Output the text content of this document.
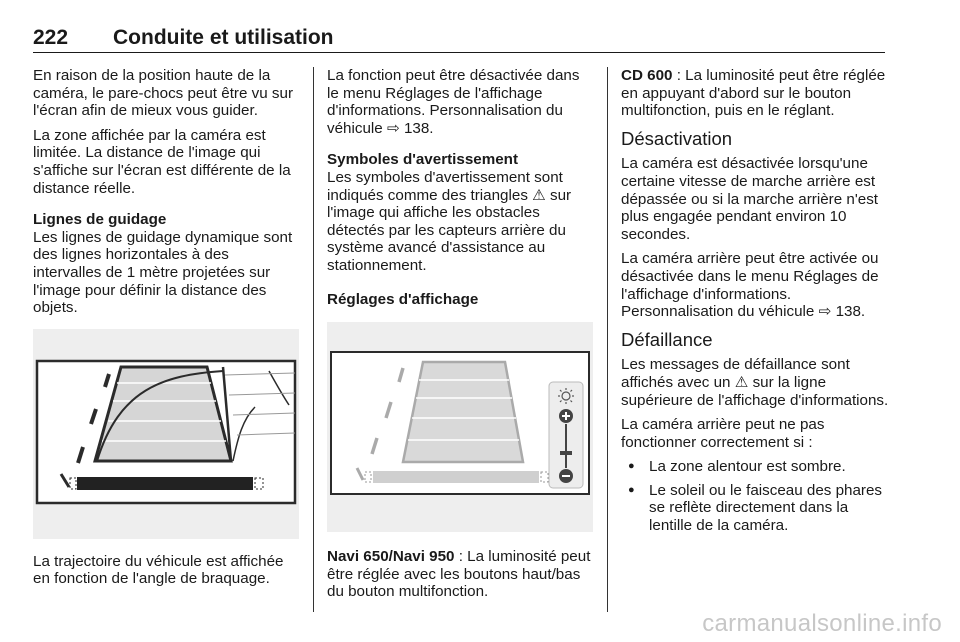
222 Conduite et utilisation

En raison de la position haute de la caméra, le pare-chocs peut être vu sur l'écran afin de mieux vous guider.

La zone affichée par la caméra est limitée. La distance de l'image qui s'affiche sur l'écran est différente de la distance réelle.

Lignes de guidage

Les lignes de guidage dynamique sont des lignes horizontales à des intervalles de 1 mètre projetées sur l'image pour définir la distance des objets.

La trajectoire du véhicule est affichée en fonction de l'angle de braquage.

La fonction peut être désactivée dans le menu Réglages de l'affichage d'informations. Personnalisation du véhicule ⇨ 138.

Symboles d'avertissement

Les symboles d'avertissement sont indiqués comme des triangles ⚠ sur l'image qui affiche les obstacles détectés par les capteurs arrière du système avancé d'assistance au stationnement.

Réglages d'affichage

Navi 650/Navi 950 : La luminosité peut être réglée avec les boutons haut/bas du bouton multifonction.

CD 600 : La luminosité peut être réglée en appuyant d'abord sur le bouton multifonction, puis en le réglant.

Désactivation

La caméra est désactivée lorsqu'une certaine vitesse de marche arrière est dépassée ou si la marche arrière n'est plus engagée pendant environ 10 secondes.

La caméra arrière peut être activée ou désactivée dans le menu Réglages de l'affichage d'informations. Personnalisation du véhicule ⇨ 138.

Défaillance

Les messages de défaillance sont affichés avec un ⚠ sur la ligne supérieure de l'affichage d'informations.

La caméra arrière peut ne pas fonctionner correctement si :

● La zone alentour est sombre.
● Le soleil ou le faisceau des phares se reflète directement dans la lentille de la caméra.
carmanualsonline.info
